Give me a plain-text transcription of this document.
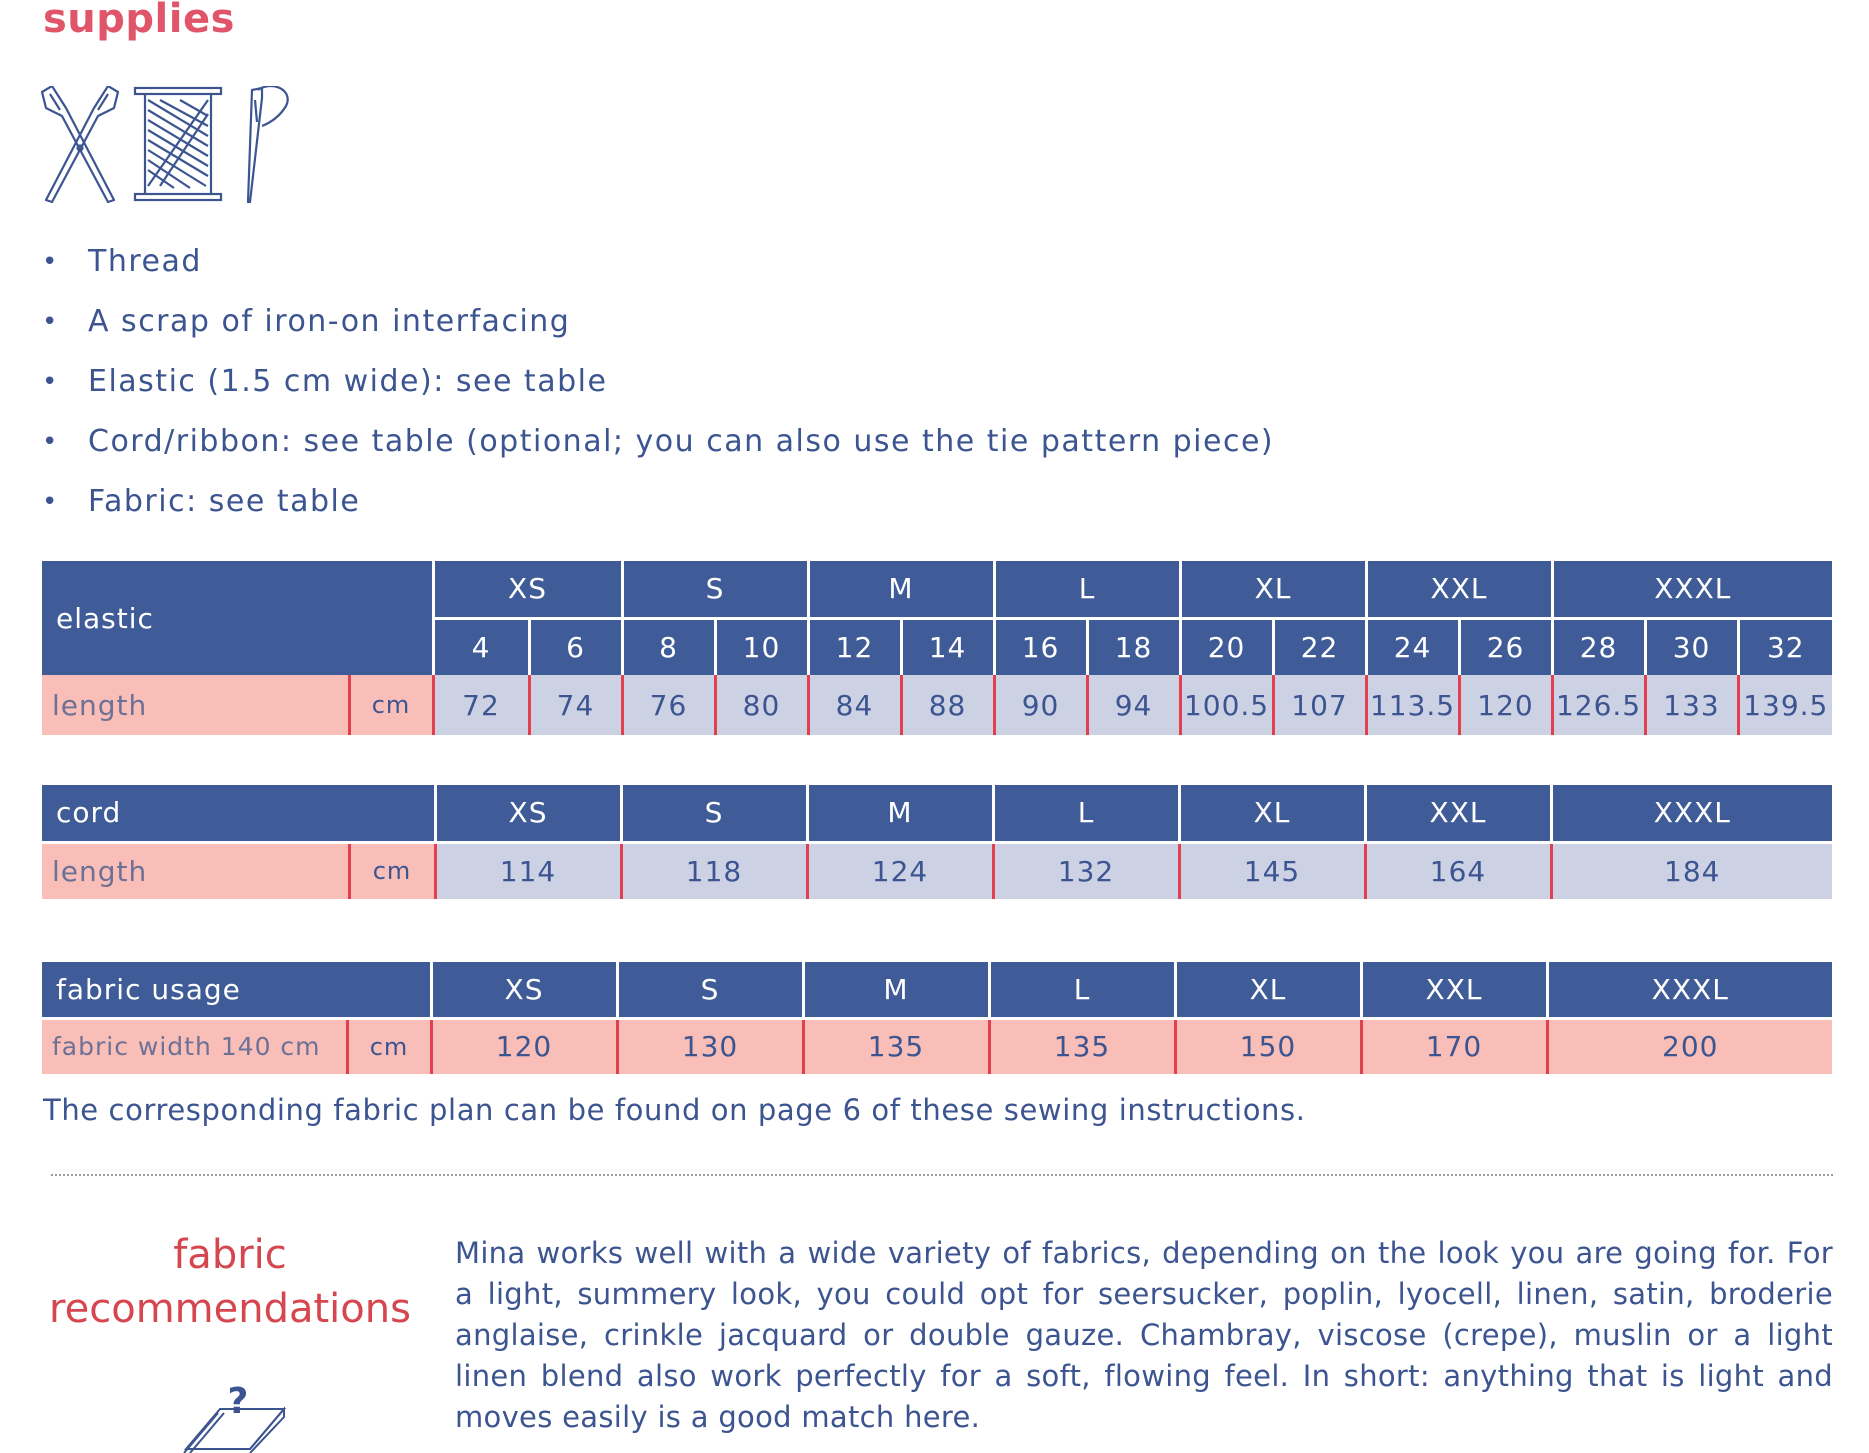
supplies
• Thread
• A scrap of iron-on interfacing
• Elastic (1.5 cm wide): see table
• Cord/ribbon: see table (optional; you can also use the tie pattern piece)
• Fabric: see table
elastic		XS		S		M		L		XL		XXL		XXXL		
		4	6	8	10	12	14	16	18	20	22	24	26	28	30	32
length	cm	72	74	76	80	84	88	90	94	100.5	107	113.5	120	126.5	133	139.5
cord		XS	S	M	L	XL	XXL	XXXL
length	cm	114	118	124	132	145	164	184
fabric usage		XS	S	M	L	XL	XXL	XXXL
fabric width 140 cm	cm	120	130	135	135	150	170	200

The corresponding fabric plan can be found on page 6 of these sewing instructions.

fabric
recommendations
?

Mina works well with a wide variety of fabrics, depending on the look you are going for. For a light, summery look, you could opt for seersucker, poplin, lyocell, linen, satin, broderie anglaise, crinkle jacquard or double gauze. Chambray, viscose (crepe), muslin or a light linen blend also work perfectly for a soft, flowing feel. In short: anything that is light and moves easily is a good match here.
